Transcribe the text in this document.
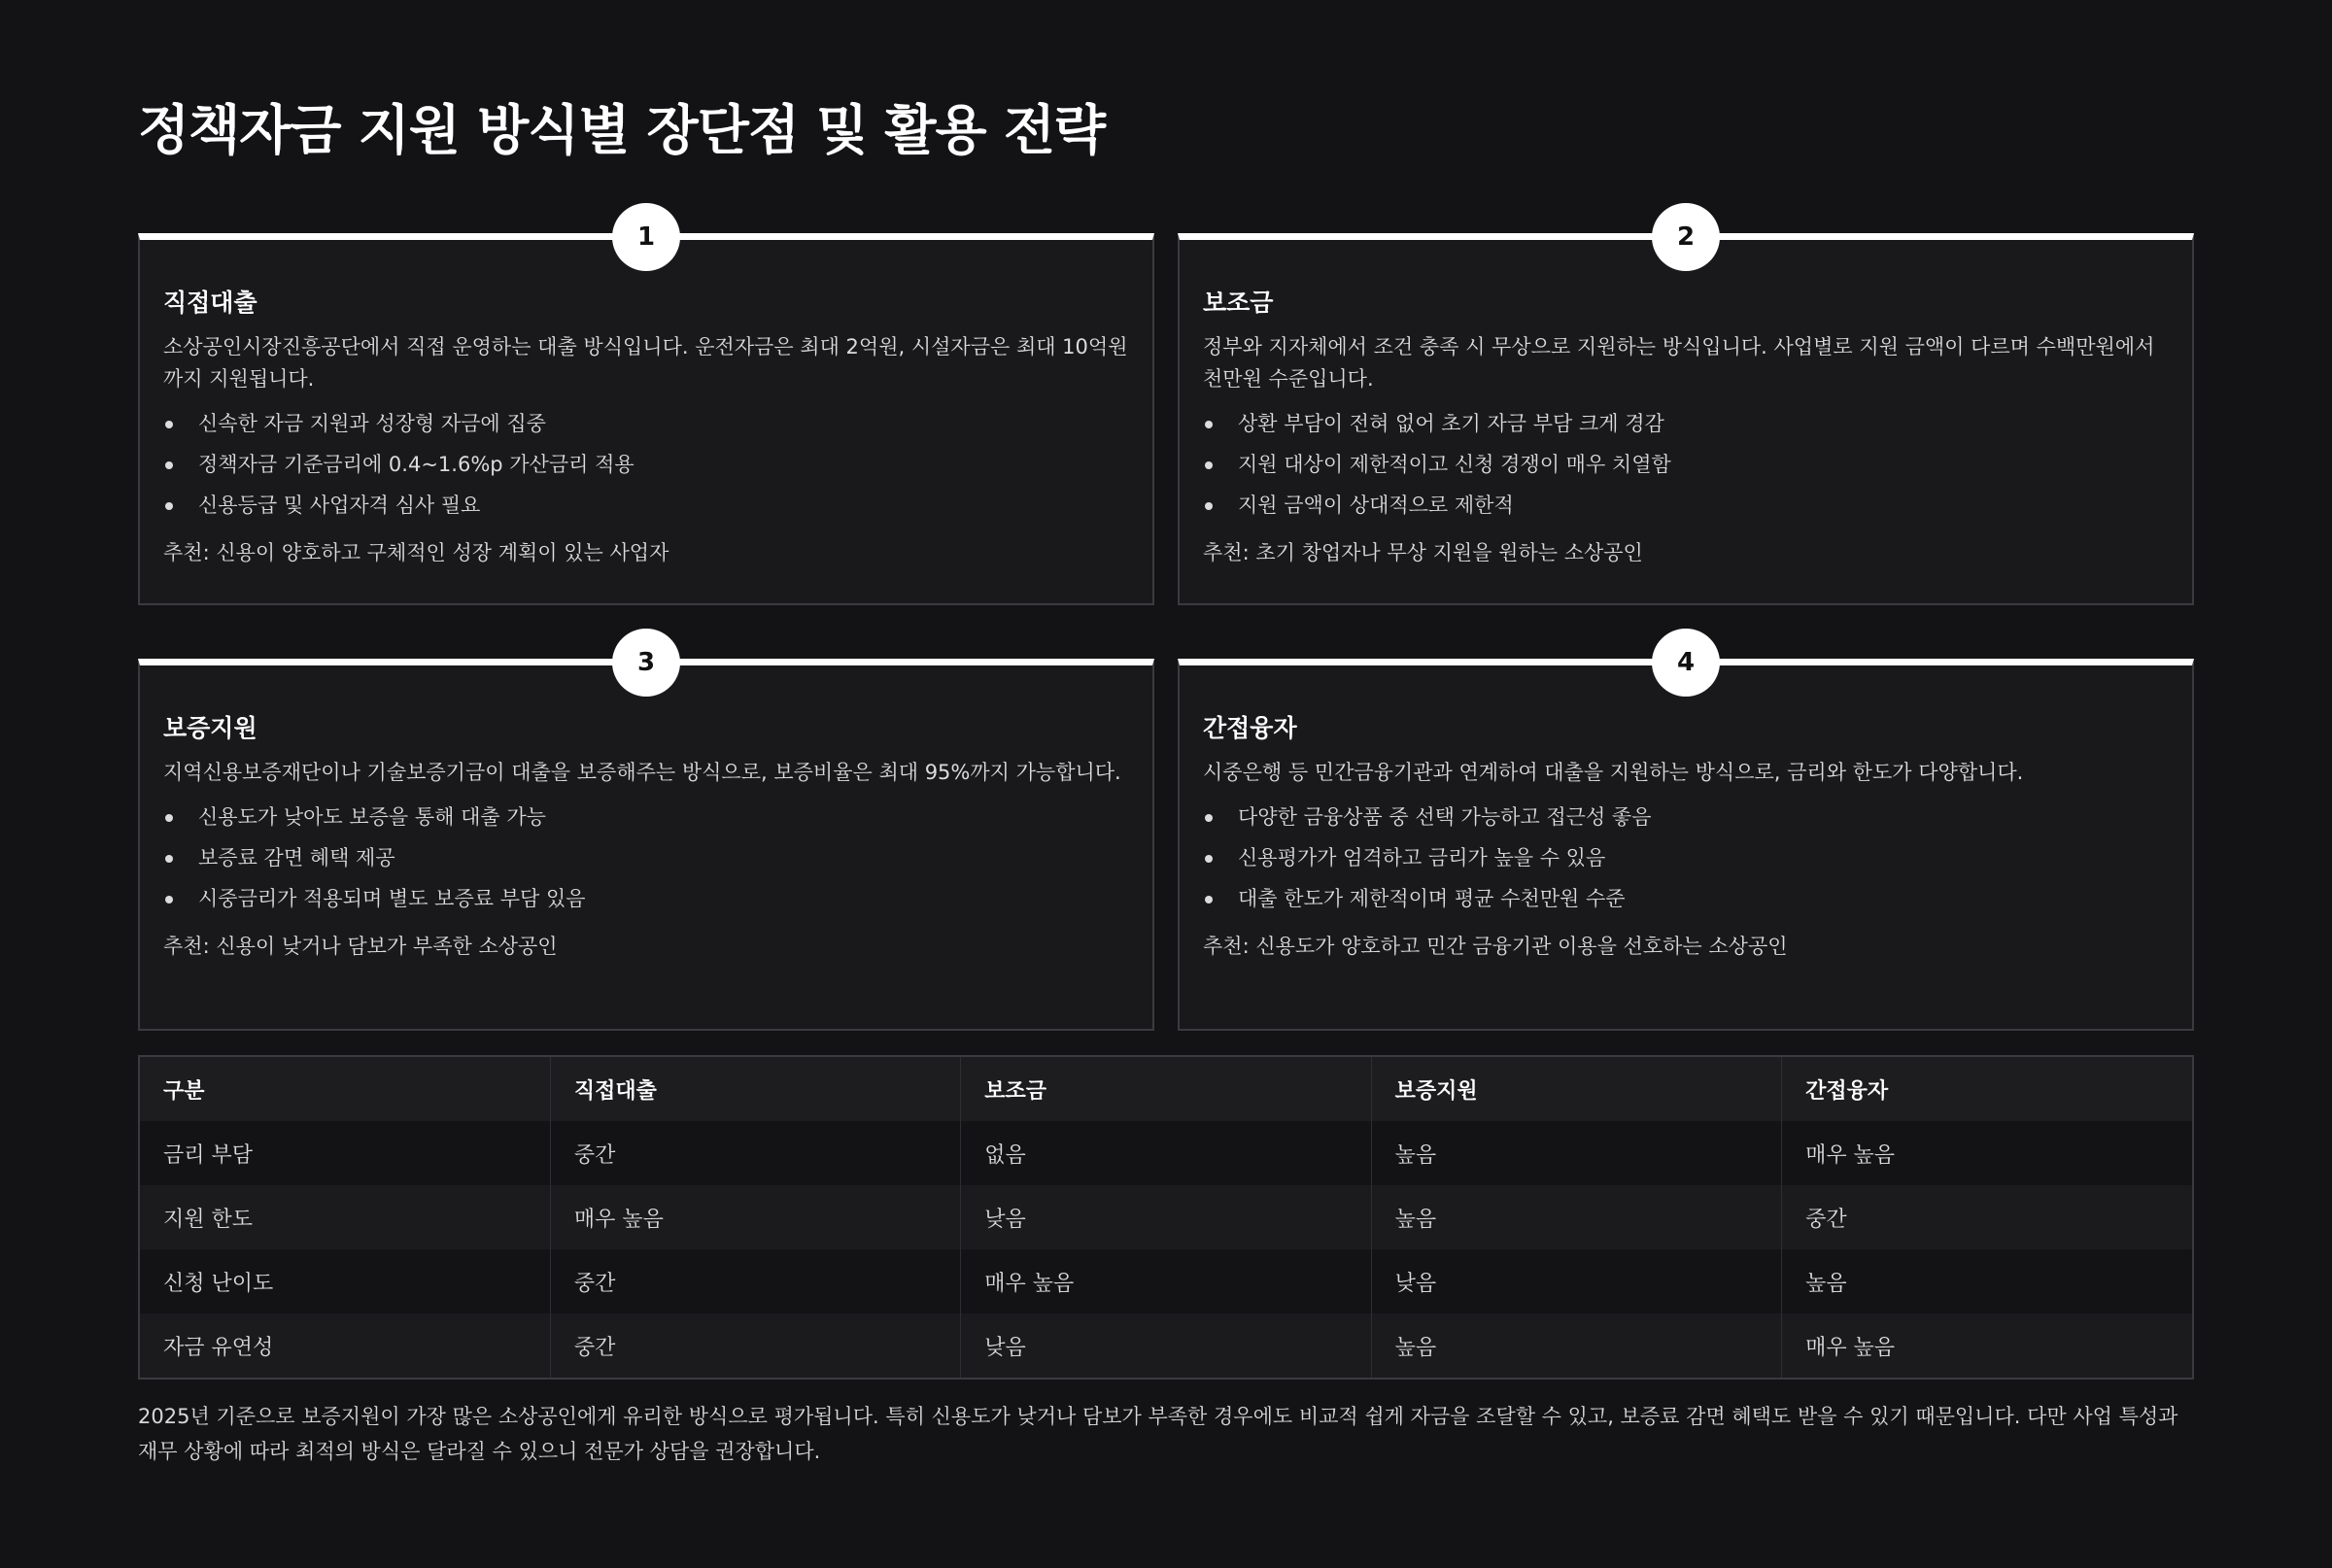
정책자금 지원 방식별 장단점 및 활용 전략
1
직접대출

소상공인시장진흥공단에서 직접 운영하는 대출 방식입니다. 운전자금은 최대 2억원, 시설자금은 최대 10억원까지 지원됩니다.

신속한 자금 지원과 성장형 자금에 집중
정책자금 기준금리에 0.4~1.6%p 가산금리 적용
신용등급 및 사업자격 심사 필요

추천: 신용이 양호하고 구체적인 성장 계획이 있는 사업자

2
보조금

정부와 지자체에서 조건 충족 시 무상으로 지원하는 방식입니다. 사업별로 지원 금액이 다르며 수백만원에서 천만원 수준입니다.

상환 부담이 전혀 없어 초기 자금 부담 크게 경감
지원 대상이 제한적이고 신청 경쟁이 매우 치열함
지원 금액이 상대적으로 제한적

추천: 초기 창업자나 무상 지원을 원하는 소상공인

3
보증지원

지역신용보증재단이나 기술보증기금이 대출을 보증해주는 방식으로, 보증비율은 최대 95%까지 가능합니다.

신용도가 낮아도 보증을 통해 대출 가능
보증료 감면 혜택 제공
시중금리가 적용되며 별도 보증료 부담 있음

추천: 신용이 낮거나 담보가 부족한 소상공인

4
간접융자

시중은행 등 민간금융기관과 연계하여 대출을 지원하는 방식으로, 금리와 한도가 다양합니다.

다양한 금융상품 중 선택 가능하고 접근성 좋음
신용평가가 엄격하고 금리가 높을 수 있음
대출 한도가 제한적이며 평균 수천만원 수준

추천: 신용도가 양호하고 민간 금융기관 이용을 선호하는 소상공인

구분	직접대출	보조금	보증지원	간접융자
금리 부담	중간	없음	높음	매우 높음
지원 한도	매우 높음	낮음	높음	중간
신청 난이도	중간	매우 높음	낮음	높음
자금 유연성	중간	낮음	높음	매우 높음

2025년 기준으로 보증지원이 가장 많은 소상공인에게 유리한 방식으로 평가됩니다. 특히 신용도가 낮거나 담보가 부족한 경우에도 비교적 쉽게 자금을 조달할 수 있고, 보증료 감면 혜택도 받을 수 있기 때문입니다. 다만 사업 특성과 재무 상황에 따라 최적의 방식은 달라질 수 있으니 전문가 상담을 권장합니다.
